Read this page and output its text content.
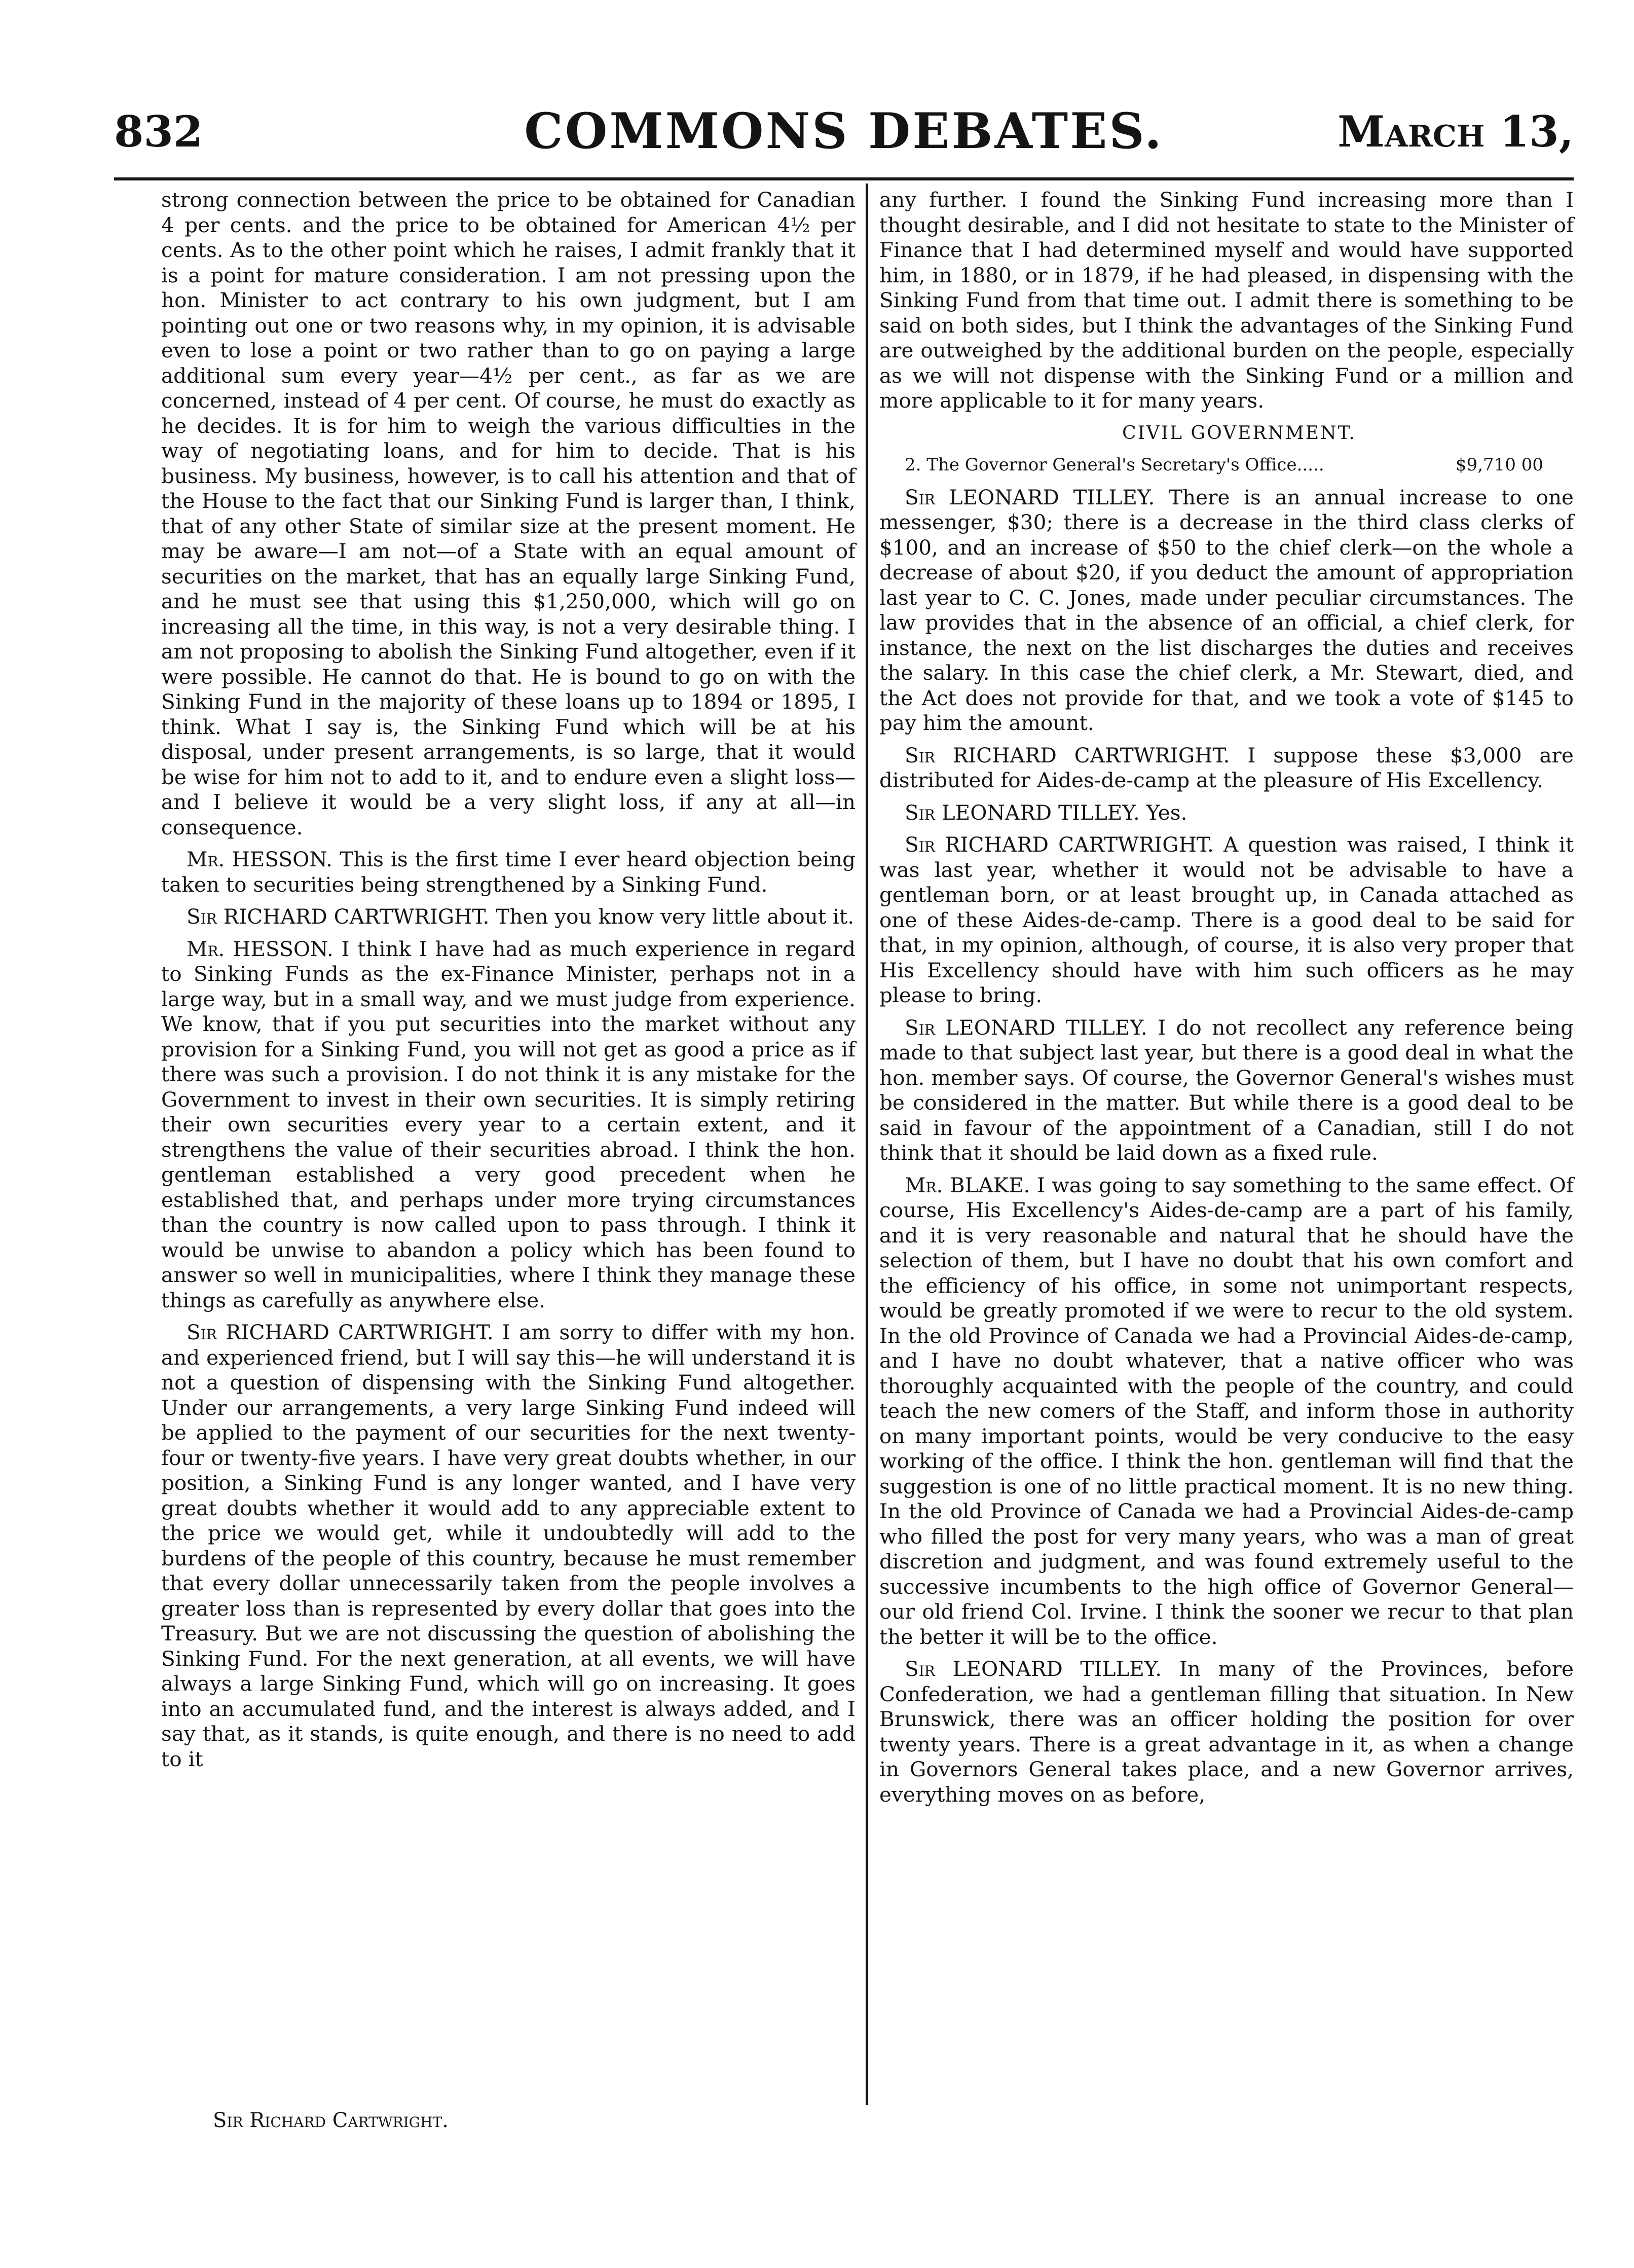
832	COMMONS DEBATES.	March 13,

strong connection between the price to be obtained for Canadian 4 per cents. and the price to be obtained for American 4½ per cents. As to the other point which he raises, I admit frankly that it is a point for mature consideration. I am not pressing upon the hon. Minister to act contrary to his own judgment, but I am pointing out one or two reasons why, in my opinion, it is advisable even to lose a point or two rather than to go on paying a large additional sum every year—4½ per cent., as far as we are concerned, instead of 4 per cent. Of course, he must do exactly as he decides. It is for him to weigh the various difficulties in the way of negotiating loans, and for him to decide. That is his business. My business, however, is to call his attention and that of the House to the fact that our Sinking Fund is larger than, I think, that of any other State of similar size at the present moment. He may be aware—I am not—of a State with an equal amount of securities on the market, that has an equally large Sinking Fund, and he must see that using this $1,250,000, which will go on increasing all the time, in this way, is not a very desirable thing. I am not proposing to abolish the Sinking Fund altogether, even if it were possible. He cannot do that. He is bound to go on with the Sinking Fund in the majority of these loans up to 1894 or 1895, I think. What I say is, the Sinking Fund which will be at his disposal, under present arrangements, is so large, that it would be wise for him not to add to it, and to endure even a slight loss—and I believe it would be a very slight loss, if any at all—in consequence.

Mr. HESSON. This is the first time I ever heard objection being taken to securities being strengthened by a Sinking Fund.

Sir RICHARD CARTWRIGHT. Then you know very little about it.

Mr. HESSON. I think I have had as much experience in regard to Sinking Funds as the ex-Finance Minister, perhaps not in a large way, but in a small way, and we must judge from experience. We know, that if you put securities into the market without any provision for a Sinking Fund, you will not get as good a price as if there was such a provision. I do not think it is any mistake for the Government to invest in their own securities. It is simply retiring their own securities every year to a certain extent, and it strengthens the value of their securities abroad. I think the hon. gentleman established a very good precedent when he established that, and perhaps under more trying circumstances than the country is now called upon to pass through. I think it would be unwise to abandon a policy which has been found to answer so well in municipalities, where I think they manage these things as carefully as anywhere else.

Sir RICHARD CARTWRIGHT. I am sorry to differ with my hon. and experienced friend, but I will say this—he will understand it is not a question of dispensing with the Sinking Fund altogether. Under our arrangements, a very large Sinking Fund indeed will be applied to the payment of our securities for the next twenty-four or twenty-five years. I have very great doubts whether, in our position, a Sinking Fund is any longer wanted, and I have very great doubts whether it would add to any appreciable extent to the price we would get, while it undoubtedly will add to the burdens of the people of this country, because he must remember that every dollar unnecessarily taken from the people involves a greater loss than is represented by every dollar that goes into the Treasury. But we are not discussing the question of abolishing the Sinking Fund. For the next generation, at all events, we will have always a large Sinking Fund, which will go on increasing. It goes into an accumulated fund, and the interest is always added, and I say that, as it stands, is quite enough, and there is no need to add to it

Sir Richard Cartwright.

any further. I found the Sinking Fund increasing more than I thought desirable, and I did not hesitate to state to the Minister of Finance that I had determined myself and would have supported him, in 1880, or in 1879, if he had pleased, in dispensing with the Sinking Fund from that time out. I admit there is something to be said on both sides, but I think the advantages of the Sinking Fund are outweighed by the additional burden on the people, especially as we will not dispense with the Sinking Fund or a million and more applicable to it for many years.

CIVIL GOVERNMENT.

2. The Governor General's Secretary's Office.....	$9,710 00

Sir LEONARD TILLEY. There is an annual increase to one messenger, $30; there is a decrease in the third class clerks of $100, and an increase of $50 to the chief clerk—on the whole a decrease of about $20, if you deduct the amount of appropriation last year to C. C. Jones, made under peculiar circumstances. The law provides that in the absence of an official, a chief clerk, for instance, the next on the list discharges the duties and receives the salary. In this case the chief clerk, a Mr. Stewart, died, and the Act does not provide for that, and we took a vote of $145 to pay him the amount.

Sir RICHARD CARTWRIGHT. I suppose these $3,000 are distributed for Aides-de-camp at the pleasure of His Excellency.

Sir LEONARD TILLEY. Yes.

Sir RICHARD CARTWRIGHT. A question was raised, I think it was last year, whether it would not be advisable to have a gentleman born, or at least brought up, in Canada attached as one of these Aides-de-camp. There is a good deal to be said for that, in my opinion, although, of course, it is also very proper that His Excellency should have with him such officers as he may please to bring.

Sir LEONARD TILLEY. I do not recollect any reference being made to that subject last year, but there is a good deal in what the hon. member says. Of course, the Governor General's wishes must be considered in the matter. But while there is a good deal to be said in favour of the appointment of a Canadian, still I do not think that it should be laid down as a fixed rule.

Mr. BLAKE. I was going to say something to the same effect. Of course, His Excellency's Aides-de-camp are a part of his family, and it is very reasonable and natural that he should have the selection of them, but I have no doubt that his own comfort and the efficiency of his office, in some not unimportant respects, would be greatly promoted if we were to recur to the old system. In the old Province of Canada we had a Provincial Aides-de-camp, and I have no doubt whatever, that a native officer who was thoroughly acquainted with the people of the country, and could teach the new comers of the Staff, and inform those in authority on many important points, would be very conducive to the easy working of the office. I think the hon. gentleman will find that the suggestion is one of no little practical moment. It is no new thing. In the old Province of Canada we had a Provincial Aides-de-camp who filled the post for very many years, who was a man of great discretion and judgment, and was found extremely useful to the successive incumbents to the high office of Governor General—our old friend Col. Irvine. I think the sooner we recur to that plan the better it will be to the office.

Sir LEONARD TILLEY. In many of the Provinces, before Confederation, we had a gentleman filling that situation. In New Brunswick, there was an officer holding the position for over twenty years. There is a great advantage in it, as when a change in Governors General takes place, and a new Governor arrives, everything moves on as before,
